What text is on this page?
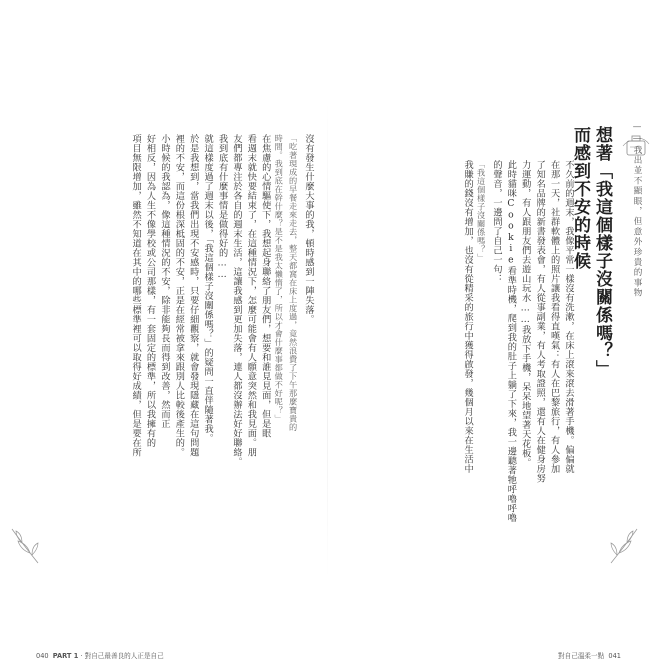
沒有發生什麼大事的我，頓時感到一陣失落。
「吃著現成的早餐走來走去，整天都窩在床上度過，竟然浪費了下午那麼寶貴的
時間。我到底在幹什麼？是不是我太懶惰了，所以才會什麼事都做不好呢？」
在焦慮的心情驅使下，我想起身聯絡了朋友們，想要和誰見見面，但是眼
看週末就快要結束了，在這種情況下，怎麼可能會有人願意突然和我見面。朋
友們都專注於各自的週末生活，這讓我感到更加失落，連人都沒辦法好好聯絡。
我到底有什麼事情是做得好的……
就這樣度過了週末以後，「我這個樣子沒關係嗎？」的疑問一直伴隨著我。
於是我想到，當我們出現不安感時，只要仔細觀察，就會發現隱藏在這句問題
裡的不安，而這份根深柢固的不安，正是在經常被拿來跟別人比較後產生的。
小時候的我認為，像這種情況的不安，除非能夠長而得到改善，然而正
好相反，因為人生不像學校或公司那樣，有一套固定的標準，所以我擁有的
項目無限增加，雖然不知道在其中的哪些標準裡可以取得好成績，但是要在所
040 PART 1 ‧ 對自己最善良的人正是自己
——我出並不顯眼，但意外珍貴的事物
想著「我這個樣子沒關係嗎？」
而感到不安的時候
不久前的週末，我像平常一樣沒有洗漱，在床上滾來滾去滑著手機。偏偏就
在那一天，社群軟體上的照片讓我看得直嘆氣：有人在巴黎旅行，有人參加
了知名品牌的新書發表會，有人從事副業，有人考取證照，還有人在健身房努
力運動，有人跟朋友們去遊山玩水……我放下手機，呆呆地望著天花板。
此時貓咪Cookie看準時機，爬到我的肚子上躺了下來，我一邊聽著牠呼嚕呼嚕
的聲音，一邊問了自己一句：
「我這個樣子沒關係嗎？」
我賺的錢沒有增加，也沒有從精采的旅行中獲得啟發，幾個月以來在生活中
對自己溫柔一點 041
